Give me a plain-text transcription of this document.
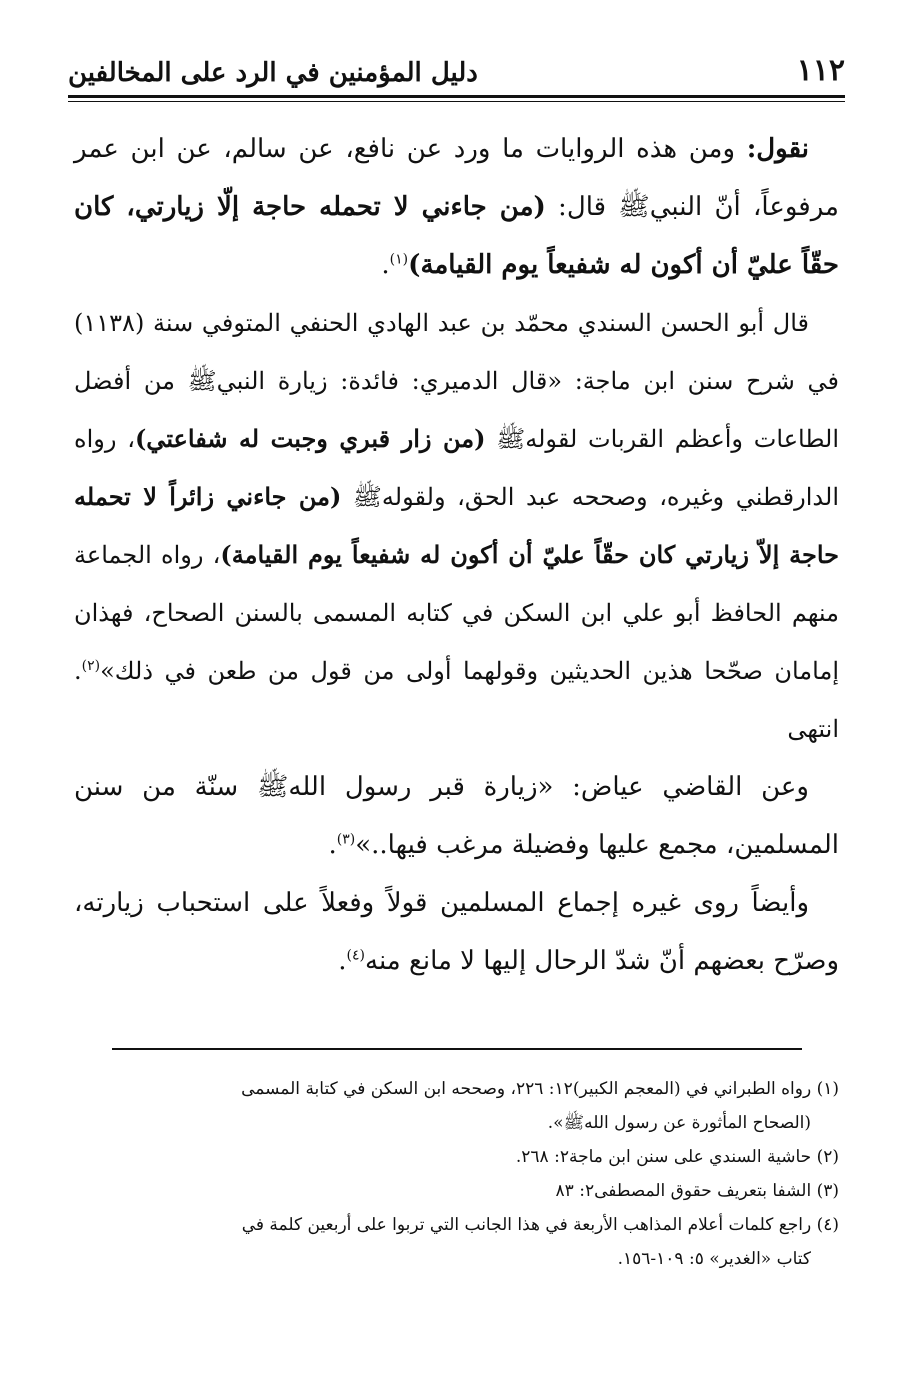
١١٢
دليل المؤمنين في الرد على المخالفين

نقول: ومن هذه الروايات ما ورد عن نافع، عن سالم، عن ابن عمر مرفوعاً، أنّ النبيﷺ قال: (من جاءني لا تحمله حاجة إلّا زيارتي، كان حقّاً عليّ أن أكون له شفيعاً يوم القيامة)$^{(١)}$.

قال أبو الحسن السندي محمّد بن عبد الهادي الحنفي المتوفي سنة (١١٣٨) في شرح سنن ابن ماجة: «قال الدميري: فائدة: زيارة النبيﷺ من أفضل الطاعات وأعظم القربات لقولهﷺ (من زار قبري وجبت له شفاعتي)، رواه الدارقطني وغيره، وصححه عبد الحق، ولقولهﷺ (من جاءني زائراً لا تحمله حاجة إلاّ زيارتي كان حقّاً عليّ أن أكون له شفيعاً يوم القيامة)، رواه الجماعة منهم الحافظ أبو علي ابن السكن في كتابه المسمى بالسنن الصحاح، فهذان إمامان صحّحا هذين الحديثين وقولهما أولى من قول من طعن في ذلك»$^{(٢)}$. انتهى

وعن القاضي عياض: «زيارة قبر رسول اللهﷺ سنّة من سنن المسلمين، مجمع عليها وفضيلة مرغب فيها..»$^{(٣)}$.

وأيضاً روى غيره إجماع المسلمين قولاً وفعلاً على استحباب زيارته، وصرّح بعضهم أنّ شدّ الرحال إليها لا مانع منه$^{(٤)}$.

(١) رواه الطبراني في (المعجم الكبير)١٢: ٢٢٦، وصححه ابن السكن في كتابة المسمى

(الصحاح المأثورة عن رسول اللهﷺ».

(٢) حاشية السندي على سنن ابن ماجة٢: ٢٦٨.

(٣) الشفا بتعريف حقوق المصطفى٢: ٨٣

(٤) راجع كلمات أعلام المذاهب الأربعة في هذا الجانب التي تربوا على أربعين كلمة في

كتاب «الغدير» ٥: ١٠٩-١٥٦.
